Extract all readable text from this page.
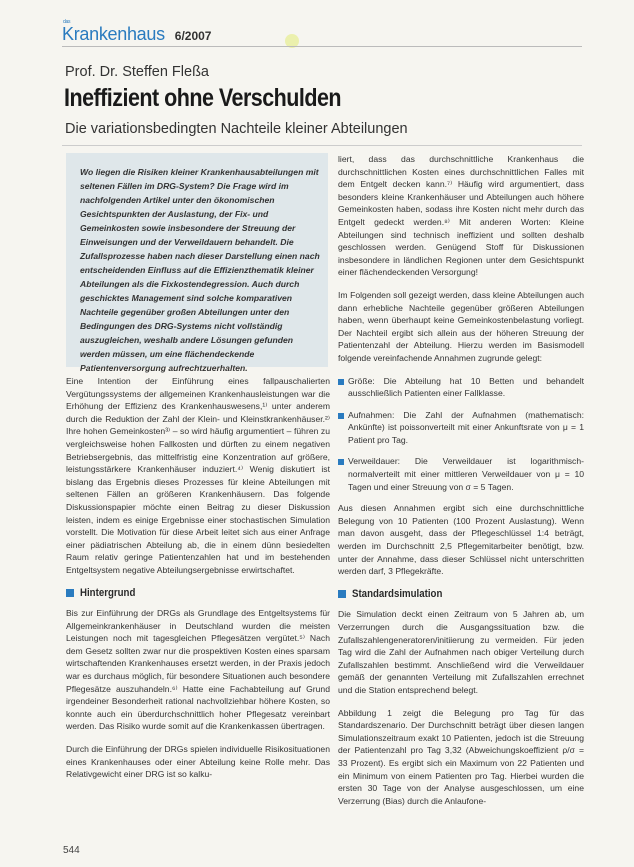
das
Krankenhaus 6/2007
Prof. Dr. Steffen Fleßa
Ineffizient ohne Verschulden
Die variationsbedingten Nachteile kleiner Abteilungen
Wo liegen die Risiken kleiner Krankenhausabteilungen mit seltenen Fällen im DRG-System? Die Frage wird im nachfolgenden Artikel unter den ökonomischen Gesichtspunkten der Auslastung, der Fix- und Gemeinkosten sowie insbesondere der Streuung der Einweisungen und der Verweildauern behandelt. Die Zufallsprozesse haben nach dieser Darstellung einen nach entscheidenden Einfluss auf die Effizienzthematik kleiner Abteilungen als die Fixkostendegression. Auch durch geschicktes Management sind solche komparativen Nachteile gegenüber großen Abteilungen unter den Bedingungen des DRG-Systems nicht vollständig auszugleichen, weshalb andere Lösungen gefunden werden müssen, um eine flächendeckende Patientenversorgung aufrechtzuerhalten.

Eine Intention der Einführung eines fallpauschalierten Vergütungssystems der allgemeinen Krankenhausleistungen war die Erhöhung der Effizienz des Krankenhauswesens,¹⁾ unter anderem durch die Reduktion der Zahl der Klein- und Kleinstkrankenhäuser.²⁾ Ihre hohen Gemeinkosten³⁾ – so wird häufig argumentiert – führen zu vergleichsweise hohen Fallkosten und dürften zu einem negativen Betriebsergebnis, das mittelfristig eine Konzentration auf größere, leistungsstärkere Krankenhäuser induziert.⁴⁾ Wenig diskutiert ist bislang das Ergebnis dieses Prozesses für kleine Abteilungen mit seltenen Fällen an größeren Krankenhäusern. Das folgende Diskussionspapier möchte einen Beitrag zu dieser Diskussion leisten, indem es einige Ergebnisse einer stochastischen Simulation vorstellt. Die Motivation für diese Arbeit leitet sich aus einer Anfrage einer pädiatrischen Abteilung ab, die in einem dünn besiedelten Raum relativ geringe Patientenzahlen hat und im bestehenden Entgeltsystem negative Abteilungsergebnisse erwirtschaftet.

Hintergrund

Bis zur Einführung der DRGs als Grundlage des Entgeltsystems für Allgemeinkrankenhäuser in Deutschland wurden die meisten Leistungen noch mit tagesgleichen Pflegesätzen vergütet.⁵⁾ Nach dem Gesetz sollten zwar nur die prospektiven Kosten eines sparsam wirtschaftenden Krankenhauses ersetzt werden, in der Praxis jedoch war es durchaus möglich, für besondere Situationen auch besondere Pflegesätze auszuhandeln.⁶⁾ Hatte eine Fachabteilung auf Grund irgendeiner Besonderheit rational nachvollziehbar höhere Kosten, so konnte auch ein überdurchschnittlich hoher Pflegesatz vereinbart werden. Das Risiko wurde somit auf die Krankenkassen übertragen.

Durch die Einführung der DRGs spielen individuelle Risikosituationen eines Krankenhauses oder einer Abteilung keine Rolle mehr. Das Relativgewicht einer DRG ist so kalku-

liert, dass das durchschnittliche Krankenhaus die durchschnittlichen Kosten eines durchschnittlichen Falles mit dem Entgelt decken kann.⁷⁾ Häufig wird argumentiert, dass besonders kleine Krankenhäuser und Abteilungen auch höhere Gemeinkosten haben, sodass ihre Kosten nicht mehr durch das Entgelt gedeckt werden.⁸⁾ Mit anderen Worten: Kleine Abteilungen sind technisch ineffizient und sollten deshalb geschlossen werden. Genügend Stoff für Diskussionen insbesondere in ländlichen Regionen unter dem Gesichtspunkt einer flächendeckenden Versorgung!

Im Folgenden soll gezeigt werden, dass kleine Abteilungen auch dann erhebliche Nachteile gegenüber größeren Abteilungen haben, wenn überhaupt keine Gemeinkostenbelastung vorliegt. Der Nachteil ergibt sich allein aus der höheren Streuung der Patientenzahl der Abteilung. Hierzu werden im Basismodell folgende vereinfachende Annahmen zugrunde gelegt:

Größe: Die Abteilung hat 10 Betten und behandelt ausschließlich Patienten einer Fallklasse.
Aufnahmen: Die Zahl der Aufnahmen (mathematisch: Ankünfte) ist poissonverteilt mit einer Ankunftsrate von μ = 1 Patient pro Tag.
Verweildauer: Die Verweildauer ist logarithmisch-normalverteilt mit einer mittleren Verweildauer von μ = 10 Tagen und einer Streuung von σ = 5 Tagen.

Aus diesen Annahmen ergibt sich eine durchschnittliche Belegung von 10 Patienten (100 Prozent Auslastung). Wenn man davon ausgeht, dass der Pflegeschlüssel 1:4 beträgt, werden im Durchschnitt 2,5 Pflegemitarbeiter benötigt, bzw. unter der Annahme, dass dieser Schlüssel nicht unterschritten werden darf, 3 Pflegekräfte.

Standardsimulation

Die Simulation deckt einen Zeitraum von 5 Jahren ab, um Verzerrungen durch die Ausgangssituation bzw. die Zufallszahlengeneratoren/initiierung zu vermeiden. Für jeden Tag wird die Zahl der Aufnahmen nach obiger Verteilung durch Zufallszahlen bestimmt. Anschließend wird die Verweildauer gemäß der genannten Verteilung mit Zufallszahlen errechnet und die Station entsprechend belegt.

Abbildung 1 zeigt die Belegung pro Tag für das Standardszenario. Der Durchschnitt beträgt über diesen langen Simulationszeitraum exakt 10 Patienten, jedoch ist die Streuung der Patientenzahl pro Tag 3,32 (Abweichungskoeffizient ρ/σ = 33 Prozent). Es ergibt sich ein Maximum von 22 Patienten und ein Minimum von einem Patienten pro Tag. Hierbei wurden die ersten 30 Tage von der Analyse ausgeschlossen, um eine Verzerrung (Bias) durch die Anlaufone-

544
